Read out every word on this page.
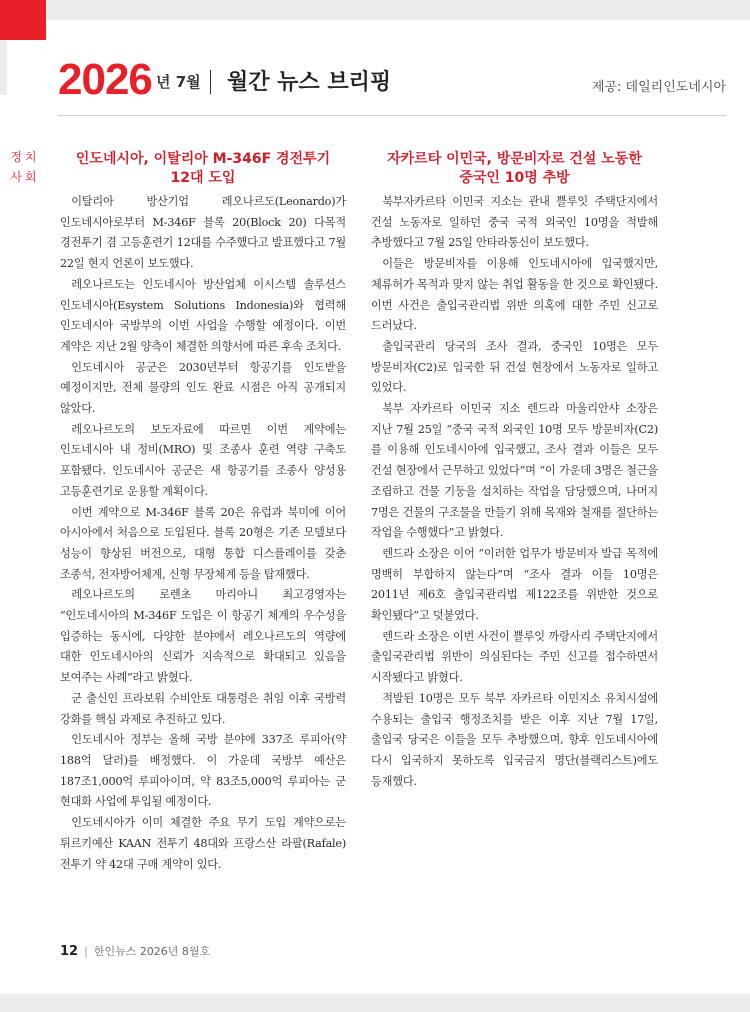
2026 년 7월	월간 뉴스 브리핑	제공: 데일리인도네시아

정치

사회

인도네시아, 이탈리아 M-346F 경전투기
12대 도입

이탈리아 방산기업 레오나르도(Leonardo)가 인도네시아로부터 M-346F 블록 20(Block 20) 다목적 경전투기 겸 고등훈련기 12대를 수주했다고 발표했다고 7월 22일 현지 언론이 보도했다.

레오나르도는 인도네시아 방산업체 이시스템 솔루션스 인도네시아(Esystem Solutions Indonesia)와 협력해 인도네시아 국방부의 이번 사업을 수행할 예정이다. 이번 계약은 지난 2월 양측이 체결한 의향서에 따른 후속 조치다.

인도네시아 공군은 2030년부터 항공기를 인도받을 예정이지만, 전체 물량의 인도 완료 시점은 아직 공개되지 않았다.

레오나르도의 보도자료에 따르면 이번 계약에는 인도네시아 내 정비(MRO) 및 조종사 훈련 역량 구축도 포함됐다. 인도네시아 공군은 새 항공기를 조종사 양성용 고등훈련기로 운용할 계획이다.

이번 계약으로 M-346F 블록 20은 유럽과 북미에 이어 아시아에서 처음으로 도입된다. 블록 20형은 기존 모델보다 성능이 향상된 버전으로, 대형 통합 디스플레이를 갖춘 조종석, 전자방어체계, 신형 무장체계 등을 탑재했다.

레오나르도의 로렌초 마리아니 최고경영자는 “인도네시아의 M-346F 도입은 이 항공기 체계의 우수성을 입증하는 동시에, 다양한 분야에서 레오나르도의 역량에 대한 인도네시아의 신뢰가 지속적으로 확대되고 있음을 보여주는 사례”라고 밝혔다.

군 출신인 프라보워 수비안토 대통령은 취임 이후 국방력 강화를 핵심 과제로 추진하고 있다.

인도네시아 정부는 올해 국방 분야에 337조 루피아(약 188억 달러)를 배정했다. 이 가운데 국방부 예산은 187조1,000억 루피아이며, 약 83조5,000억 루피아는 군 현대화 사업에 투입될 예정이다.

인도네시아가 이미 체결한 주요 무기 도입 계약으로는 튀르키예산 KAAN 전투기 48대와 프랑스산 라팔(Rafale) 전투기 약 42대 구매 계약이 있다.

자카르타 이민국, 방문비자로 건설 노동한
중국인 10명 추방

북부자카르타 이민국 지소는 관내 쁠루잇 주택단지에서 건설 노동자로 일하던 중국 국적 외국인 10명을 적발해 추방했다고 7월 25일 안타라통신이 보도했다.

이들은 방문비자를 이용해 인도네시아에 입국했지만, 체류허가 목적과 맞지 않는 취업 활동을 한 것으로 확인됐다. 이번 사건은 출입국관리법 위반 의혹에 대한 주민 신고로 드러났다.

출입국관리 당국의 조사 결과, 중국인 10명은 모두 방문비자(C2)로 입국한 뒤 건설 현장에서 노동자로 일하고 있었다.

북부 자카르타 이민국 지소 렌드라 마울리안샤 소장은 지난 7월 25일 “중국 국적 외국인 10명 모두 방문비자(C2)를 이용해 인도네시아에 입국했고, 조사 결과 이들은 모두 건설 현장에서 근무하고 있었다”며 “이 가운데 3명은 철근을 조립하고 건물 기둥을 설치하는 작업을 담당했으며, 나머지 7명은 건물의 구조물을 만들기 위해 목재와 철재를 절단하는 작업을 수행했다”고 밝혔다.

렌드라 소장은 이어 “이러한 업무가 방문비자 발급 목적에 명백히 부합하지 않는다”며 “조사 결과 이들 10명은 2011년 제6호 출입국관리법 제122조를 위반한 것으로 확인됐다”고 덧붙였다.

렌드라 소장은 이번 사건이 쁠루잇 까랑사리 주택단지에서 출입국관리법 위반이 의심된다는 주민 신고를 접수하면서 시작됐다고 밝혔다.

적발된 10명은 모두 북부 자카르타 이민지소 유치시설에 수용되는 출입국 행정조치를 받은 이후 지난 7월 17일, 출입국 당국은 이들을 모두 추방했으며, 향후 인도네시아에 다시 입국하지 못하도록 입국금지 명단(블랙리스트)에도 등재했다.

12 | 한인뉴스 2026년 8월호
